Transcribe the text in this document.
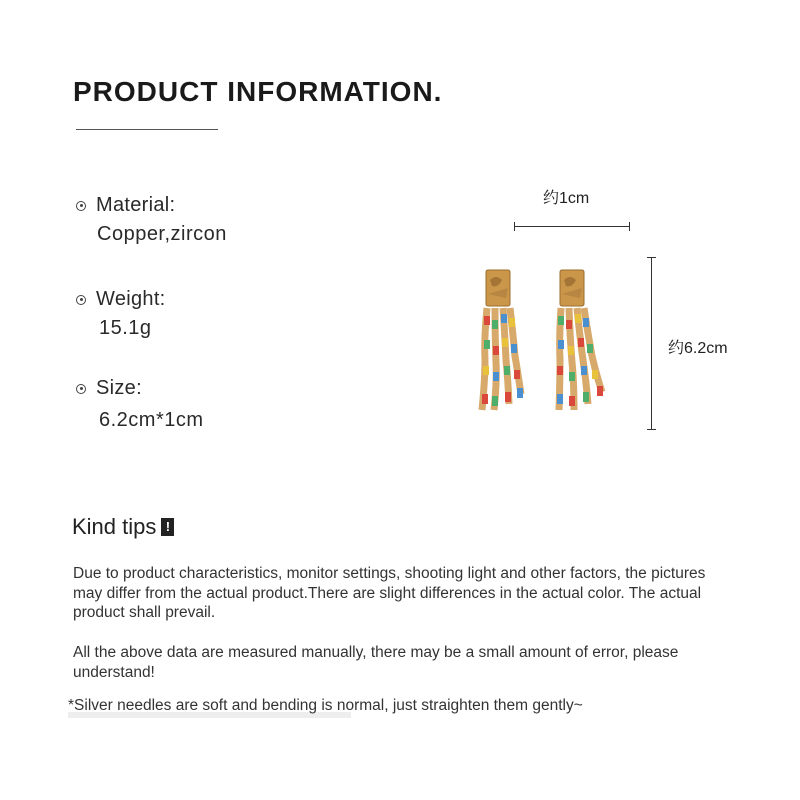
PRODUCT INFORMATION.
Material:
Copper,zircon
Weight:
15.1g
Size:
6.2cm*1cm
约1cm
约6.2cm
Kind tips !
Due to product characteristics, monitor settings, shooting light and other factors, the pictures may differ from the actual product.There are slight differences in the actual color. The actual product shall prevail.
All the above data are measured manually, there may be a small amount of error, please understand!
*Silver needles are soft and bending is normal, just straighten them gently~
